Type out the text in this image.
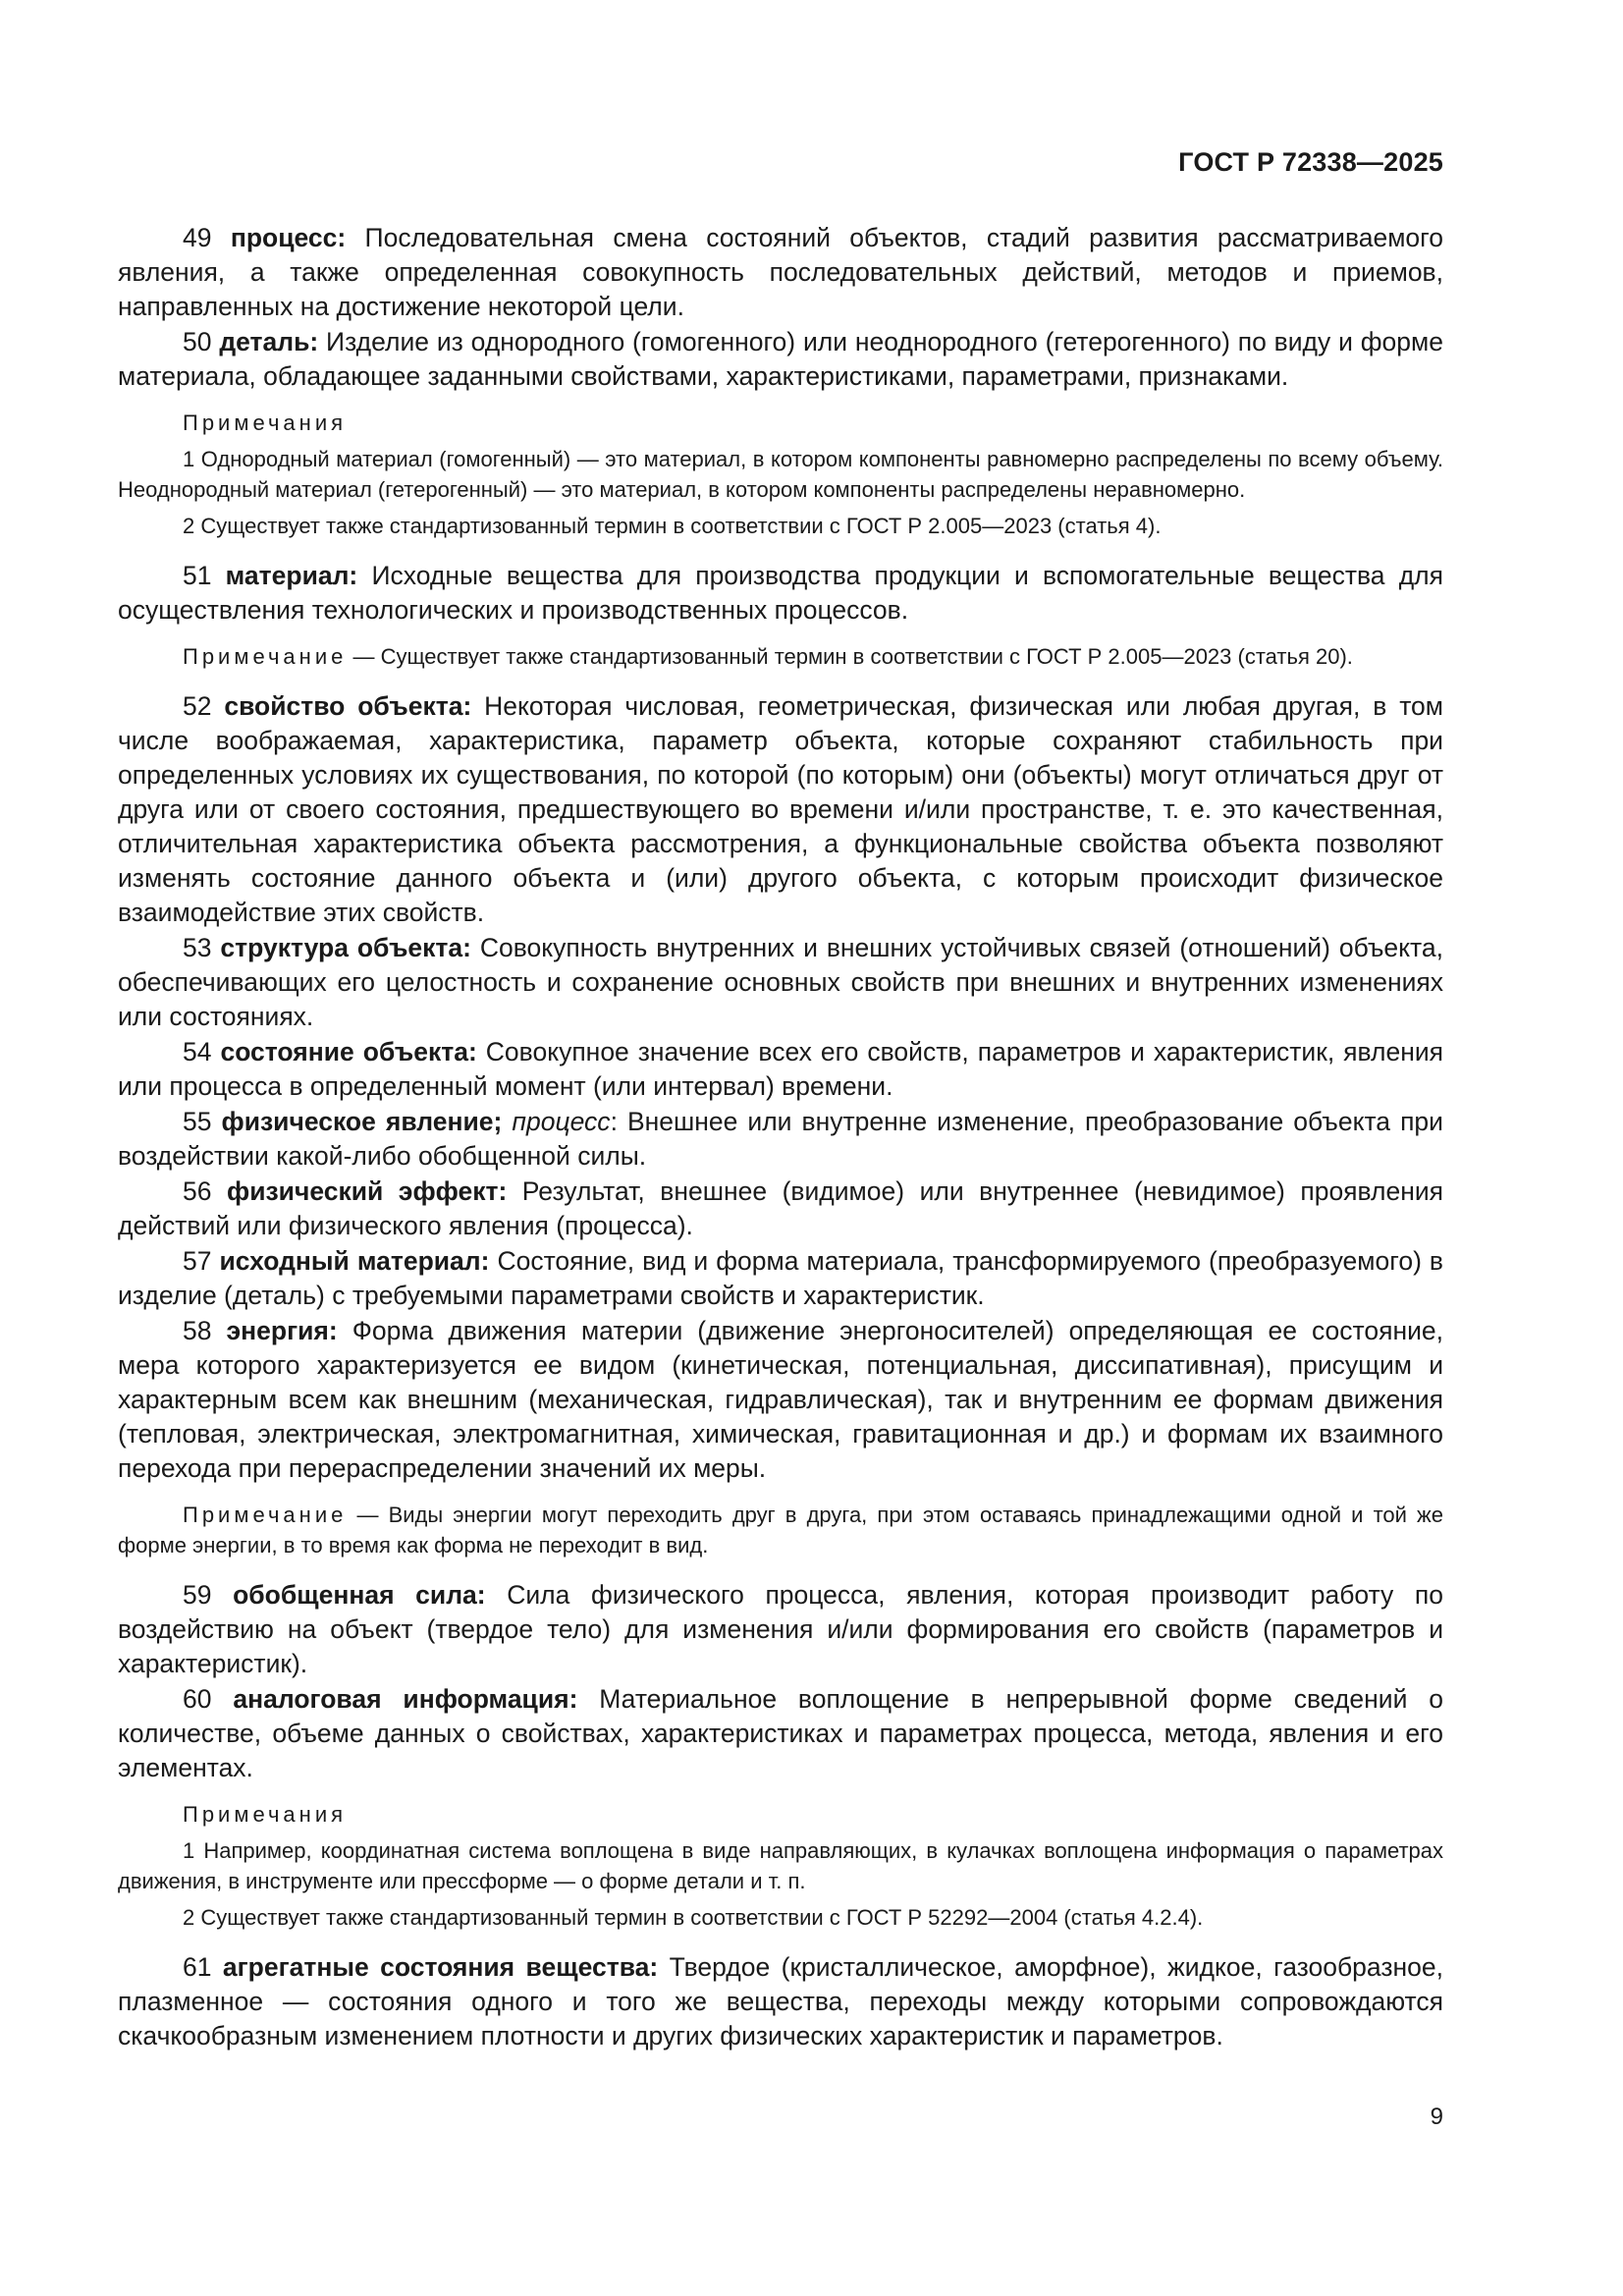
ГОСТ Р 72338—2025

49 процесс: Последовательная смена состояний объектов, стадий развития рассматриваемого явления, а также определенная совокупность последовательных действий, методов и приемов, направленных на достижение некоторой цели.

50 деталь: Изделие из однородного (гомогенного) или неоднородного (гетерогенного) по виду и форме материала, обладающее заданными свойствами, характеристиками, параметрами, признаками.

Примечания

1 Однородный материал (гомогенный) — это материал, в котором компоненты равномерно распределены по всему объему. Неоднородный материал (гетерогенный) — это материал, в котором компоненты распределены неравномерно.

2 Существует также стандартизованный термин в соответствии с ГОСТ Р 2.005—2023 (статья 4).

51 материал: Исходные вещества для производства продукции и вспомогательные вещества для осуществления технологических и производственных процессов.

Примечание — Существует также стандартизованный термин в соответствии с ГОСТ Р 2.005—2023 (статья 20).

52 свойство объекта: Некоторая числовая, геометрическая, физическая или любая другая, в том числе воображаемая, характеристика, параметр объекта, которые сохраняют стабильность при определенных условиях их существования, по которой (по которым) они (объекты) могут отличаться друг от друга или от своего состояния, предшествующего во времени и/или пространстве, т. е. это качественная, отличительная характеристика объекта рассмотрения, а функциональные свойства объекта позволяют изменять состояние данного объекта и (или) другого объекта, с которым происходит физическое взаимодействие этих свойств.

53 структура объекта: Совокупность внутренних и внешних устойчивых связей (отношений) объекта, обеспечивающих его целостность и сохранение основных свойств при внешних и внутренних изменениях или состояниях.

54 состояние объекта: Совокупное значение всех его свойств, параметров и характеристик, явления или процесса в определенный момент (или интервал) времени.

55 физическое явление; процесс: Внешнее или внутренне изменение, преобразование объекта при воздействии какой-либо обобщенной силы.

56 физический эффект: Результат, внешнее (видимое) или внутреннее (невидимое) проявления действий или физического явления (процесса).

57 исходный материал: Состояние, вид и форма материала, трансформируемого (преобразуемого) в изделие (деталь) с требуемыми параметрами свойств и характеристик.

58 энергия: Форма движения материи (движение энергоносителей) определяющая ее состояние, мера которого характеризуется ее видом (кинетическая, потенциальная, диссипативная), присущим и характерным всем как внешним (механическая, гидравлическая), так и внутренним ее формам движения (тепловая, электрическая, электромагнитная, химическая, гравитационная и др.) и формам их взаимного перехода при перераспределении значений их меры.

Примечание — Виды энергии могут переходить друг в друга, при этом оставаясь принадлежащими одной и той же форме энергии, в то время как форма не переходит в вид.

59 обобщенная сила: Сила физического процесса, явления, которая производит работу по воздействию на объект (твердое тело) для изменения и/или формирования его свойств (параметров и характеристик).

60 аналоговая информация: Материальное воплощение в непрерывной форме сведений о количестве, объеме данных о свойствах, характеристиках и параметрах процесса, метода, явления и его элементах.

Примечания

1 Например, координатная система воплощена в виде направляющих, в кулачках воплощена информация о параметрах движения, в инструменте или прессформе — о форме детали и т. п.

2 Существует также стандартизованный термин в соответствии с ГОСТ Р 52292—2004 (статья 4.2.4).

61 агрегатные состояния вещества: Твердое (кристаллическое, аморфное), жидкое, газообразное, плазменное — состояния одного и того же вещества, переходы между которыми сопровождаются скачкообразным изменением плотности и других физических характеристик и параметров.

9
